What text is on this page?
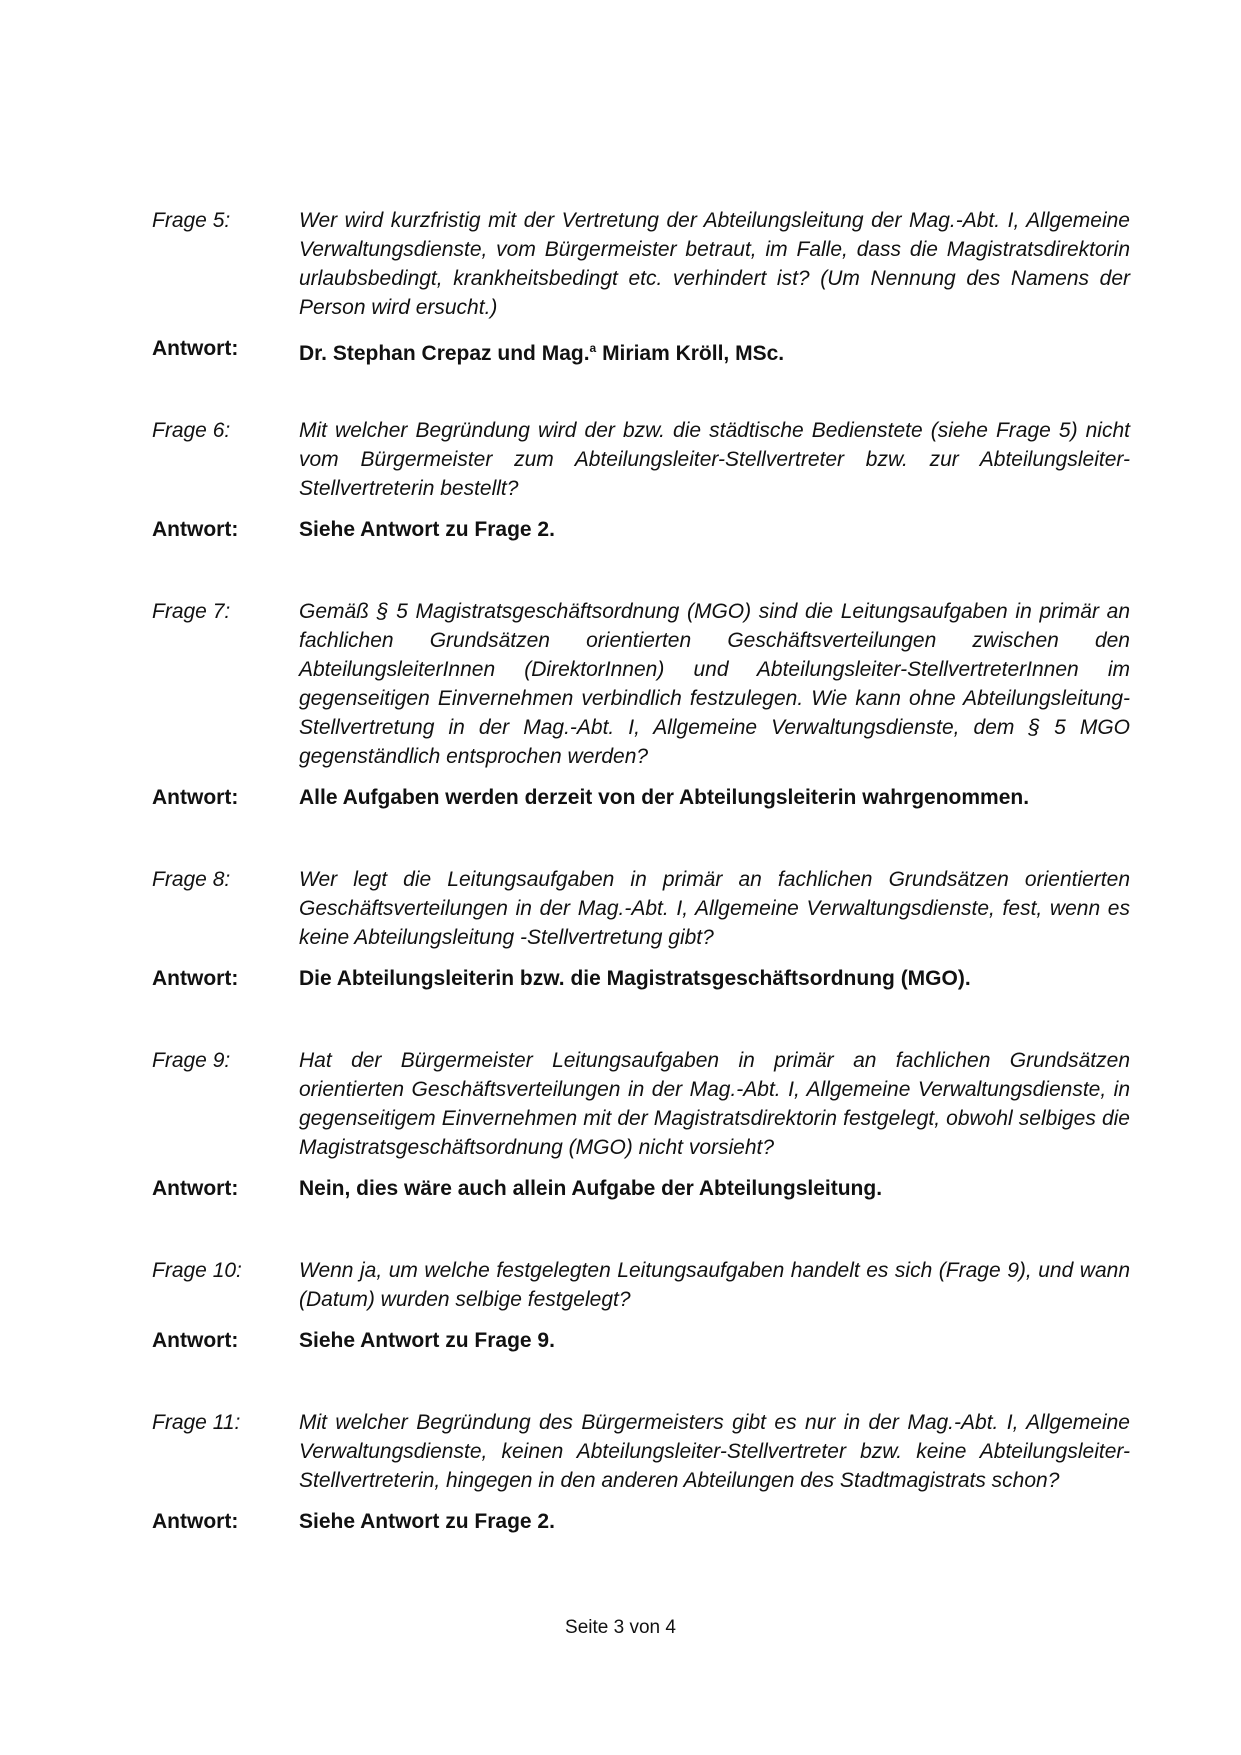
Frage 5:	Wer wird kurzfristig mit der Vertretung der Abteilungsleitung der Mag.-Abt. I, Allgemeine Verwaltungsdienste, vom Bürgermeister betraut, im Falle, dass die Magistratsdirektorin urlaubsbedingt, krankheitsbedingt etc. verhindert ist? (Um Nennung des Namens der Person wird ersucht.)
Antwort:	Dr. Stephan Crepaz und Mag.$^a$ Miriam Kröll, MSc.
Frage 6:	Mit welcher Begründung wird der bzw. die städtische Bedienstete (siehe Frage 5) nicht vom Bürgermeister zum Abteilungsleiter-Stellvertreter bzw. zur Abteilungsleiter-Stellvertreterin bestellt?
Antwort:	Siehe Antwort zu Frage 2.
Frage 7:	Gemäß § 5 Magistratsgeschäftsordnung (MGO) sind die Leitungsaufgaben in primär an fachlichen Grundsätzen orientierten Geschäftsverteilungen zwischen den AbteilungsleiterInnen (DirektorInnen) und Abteilungsleiter-StellvertreterInnen im gegenseitigen Einvernehmen verbindlich festzulegen. Wie kann ohne Abteilungsleitung-Stellvertretung in der Mag.-Abt. I, Allgemeine Verwaltungsdienste, dem § 5 MGO gegenständlich entsprochen werden?
Antwort:	Alle Aufgaben werden derzeit von der Abteilungsleiterin wahrgenommen.
Frage 8:	Wer legt die Leitungsaufgaben in primär an fachlichen Grundsätzen orientierten Geschäftsverteilungen in der Mag.-Abt. I, Allgemeine Verwaltungsdienste, fest, wenn es keine Abteilungsleitung -Stellvertretung gibt?
Antwort:	Die Abteilungsleiterin bzw. die Magistratsgeschäftsordnung (MGO).
Frage 9:	Hat der Bürgermeister Leitungsaufgaben in primär an fachlichen Grundsätzen orientierten Geschäftsverteilungen in der Mag.-Abt. I, Allgemeine Verwaltungsdienste, in gegenseitigem Einvernehmen mit der Magistratsdirektorin festgelegt, obwohl selbiges die Magistratsgeschäftsordnung (MGO) nicht vorsieht?
Antwort:	Nein, dies wäre auch allein Aufgabe der Abteilungsleitung.
Frage 10:	Wenn ja, um welche festgelegten Leitungsaufgaben handelt es sich (Frage 9), und wann (Datum) wurden selbige festgelegt?
Antwort:	Siehe Antwort zu Frage 9.
Frage 11:	Mit welcher Begründung des Bürgermeisters gibt es nur in der Mag.-Abt. I, Allgemeine Verwaltungsdienste, keinen Abteilungsleiter-Stellvertreter bzw. keine Abteilungsleiter-Stellvertreterin, hingegen in den anderen Abteilungen des Stadtmagistrats schon?
Antwort:	Siehe Antwort zu Frage 2.
Seite 3 von 4
